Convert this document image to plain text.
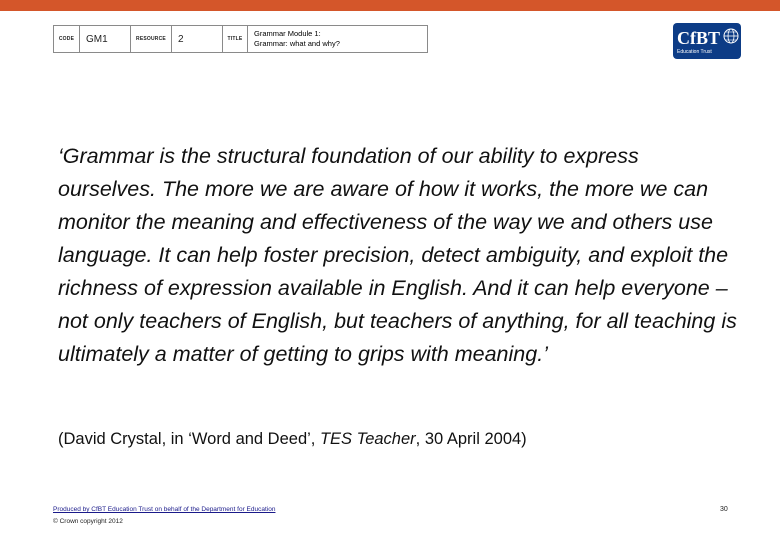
CODE	GM1	RESOURCE	2	TITLE
Grammar Module 1:
Grammar: what and why?	CfBT
Education Trust
‘Grammar is the structural foundation of our ability to express ourselves. The more we are aware of how it works, the more we can monitor the meaning and effectiveness of the way we and others use language. It can help foster precision, detect ambiguity, and exploit the richness of expression available in English. And it can help everyone – not only teachers of English, but teachers of anything, for all teaching is ultimately a matter of getting to grips with meaning.’
(David Crystal, in ‘Word and Deed’, TES Teacher, 30 April 2004)
Produced by CfBT Education Trust on behalf of the Department for Education
© Crown copyright 2012
30
